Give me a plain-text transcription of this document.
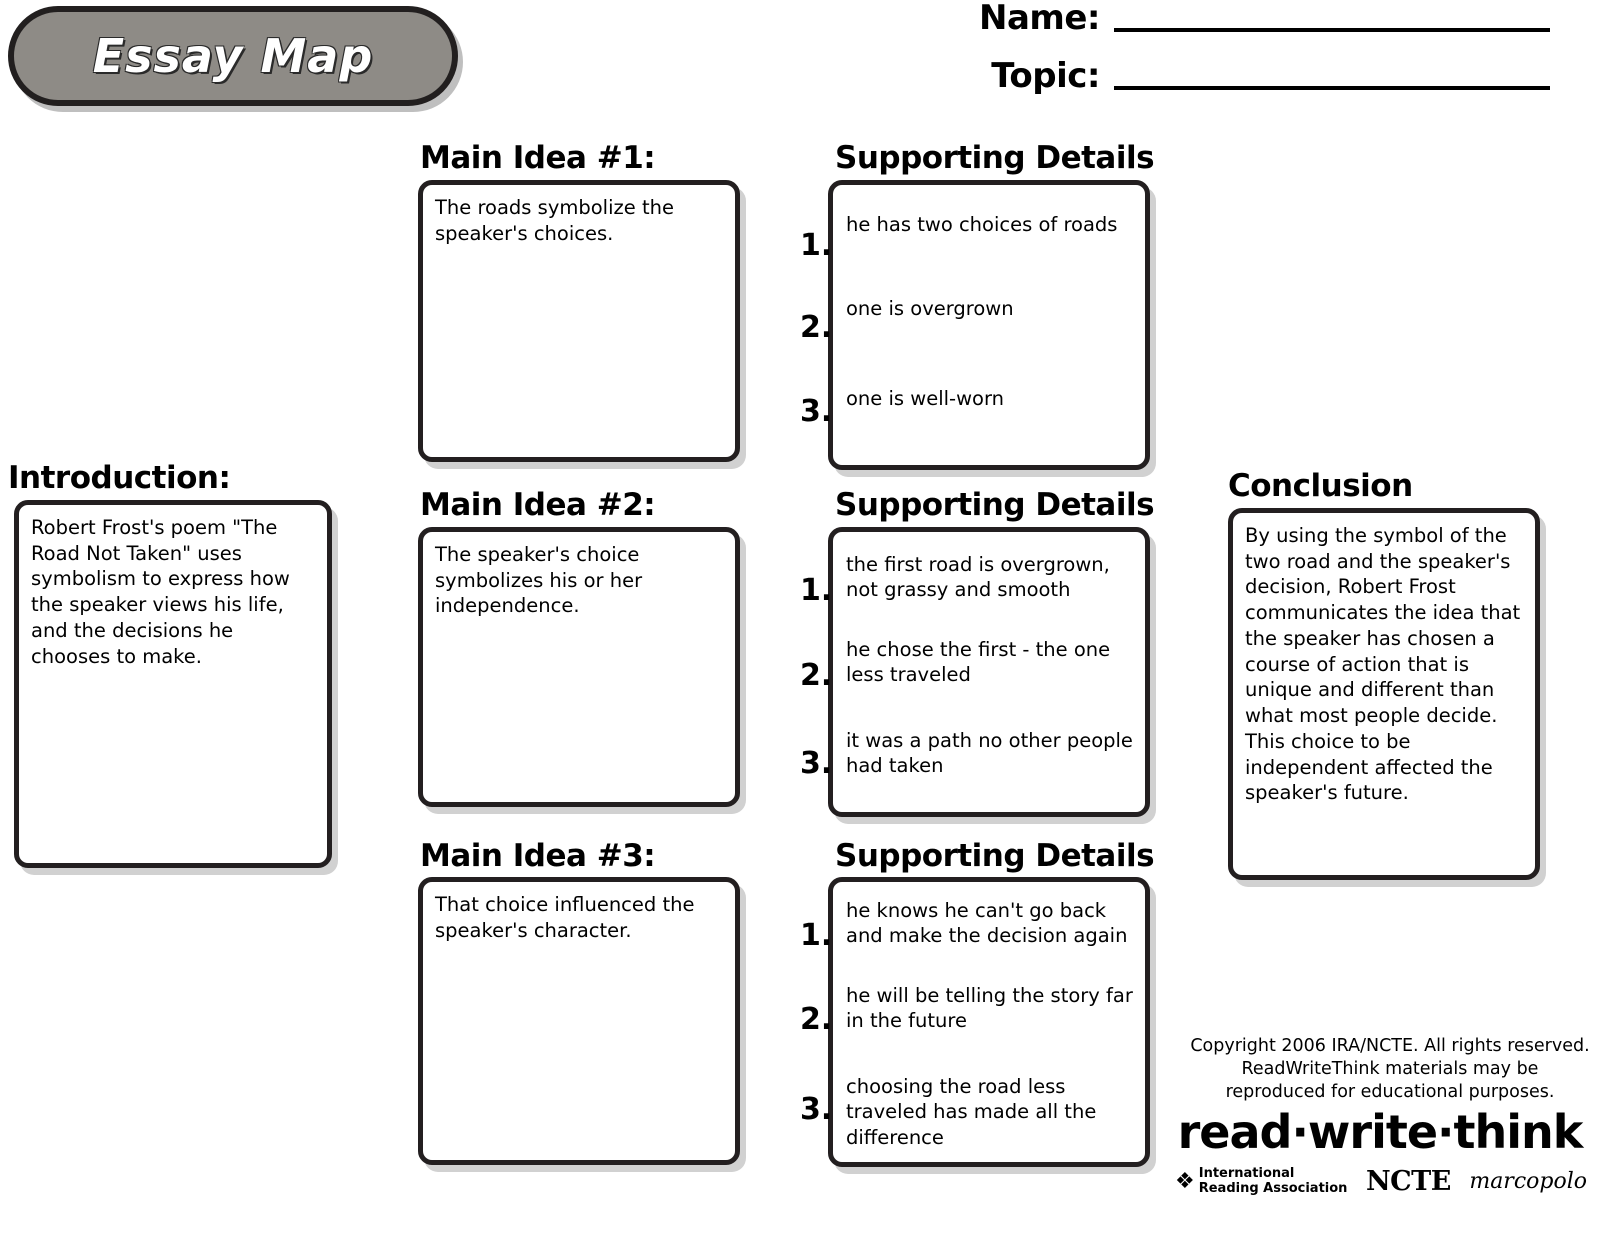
Essay Map
Name:
Topic:
Introduction:
Robert Frost's poem "The Road Not Taken" uses symbolism to express how the speaker views his life, and the decisions he chooses to make.
Main Idea #1:
The roads symbolize the speaker's choices.
Supporting Details
1.
he has two choices of roads
2.
one is overgrown
3. one is well-worn
Main Idea #2:
The speaker's choice symbolizes his or her independence.
Supporting Details
1.
the first road is overgrown, not grassy and smooth
2.
he chose the first - the one less traveled
3.
it was a path no other people had taken
Main Idea #3:
That choice influenced the speaker's character.
Supporting Details
1.
he knows he can't go back and make the decision again
2.
he will be telling the story far in the future
3.
choosing the road less traveled has made all the difference
Conclusion
By using the symbol of the two road and the speaker's decision, Robert Frost communicates the idea that the speaker has chosen a course of action that is unique and different than what most people decide. This choice to be independent affected the speaker's future.
Copyright 2006 IRA/NCTE. All rights reserved. ReadWriteThink materials may be reproduced for educational purposes.
read·write·think
❖ International
Reading Association NCTE marcopolo
